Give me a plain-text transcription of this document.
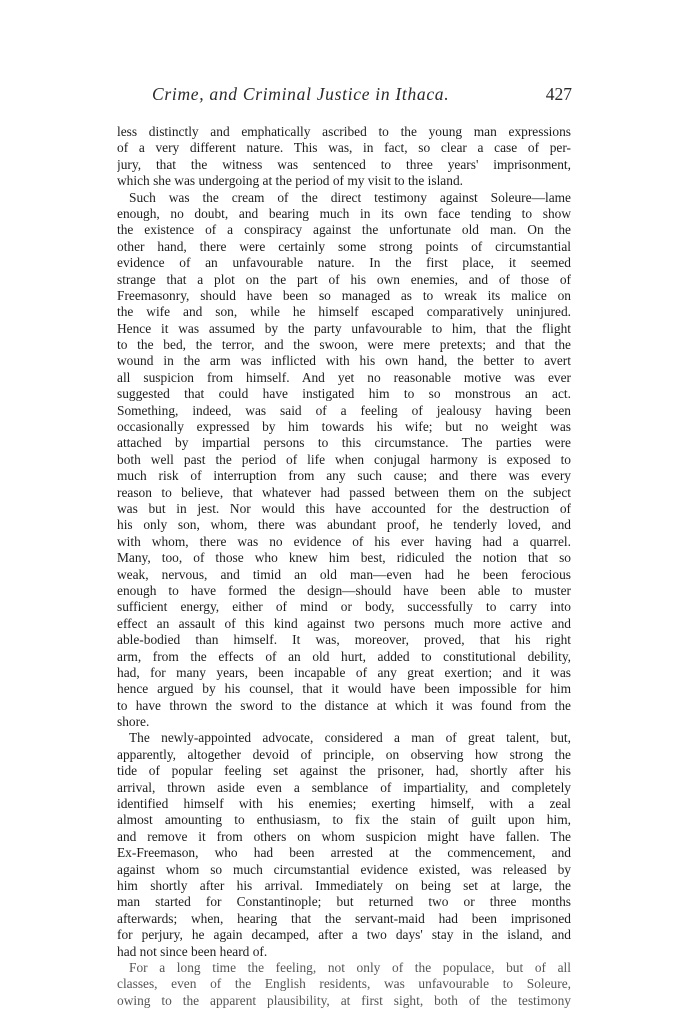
Crime, and Criminal Justice in Ithaca.	427
less distinctly and emphatically ascribed to the young man expressions
of a very different nature. This was, in fact, so clear a case of per-
jury, that the witness was sentenced to three years' imprisonment,
which she was undergoing at the period of my visit to the island.
Such was the cream of the direct testimony against Soleure—lame
enough, no doubt, and bearing much in its own face tending to show
the existence of a conspiracy against the unfortunate old man. On the
other hand, there were certainly some strong points of circumstantial
evidence of an unfavourable nature. In the first place, it seemed
strange that a plot on the part of his own enemies, and of those of
Freemasonry, should have been so managed as to wreak its malice on
the wife and son, while he himself escaped comparatively uninjured.
Hence it was assumed by the party unfavourable to him, that the flight
to the bed, the terror, and the swoon, were mere pretexts; and that the
wound in the arm was inflicted with his own hand, the better to avert
all suspicion from himself. And yet no reasonable motive was ever
suggested that could have instigated him to so monstrous an act.
Something, indeed, was said of a feeling of jealousy having been
occasionally expressed by him towards his wife; but no weight was
attached by impartial persons to this circumstance. The parties were
both well past the period of life when conjugal harmony is exposed to
much risk of interruption from any such cause; and there was every
reason to believe, that whatever had passed between them on the subject
was but in jest. Nor would this have accounted for the destruction of
his only son, whom, there was abundant proof, he tenderly loved, and
with whom, there was no evidence of his ever having had a quarrel.
Many, too, of those who knew him best, ridiculed the notion that so
weak, nervous, and timid an old man—even had he been ferocious
enough to have formed the design—should have been able to muster
sufficient energy, either of mind or body, successfully to carry into
effect an assault of this kind against two persons much more active and
able-bodied than himself. It was, moreover, proved, that his right
arm, from the effects of an old hurt, added to constitutional debility,
had, for many years, been incapable of any great exertion; and it was
hence argued by his counsel, that it would have been impossible for him
to have thrown the sword to the distance at which it was found from the
shore.
The newly-appointed advocate, considered a man of great talent, but,
apparently, altogether devoid of principle, on observing how strong the
tide of popular feeling set against the prisoner, had, shortly after his
arrival, thrown aside even a semblance of impartiality, and completely
identified himself with his enemies; exerting himself, with a zeal
almost amounting to enthusiasm, to fix the stain of guilt upon him,
and remove it from others on whom suspicion might have fallen. The
Ex-Freemason, who had been arrested at the commencement, and
against whom so much circumstantial evidence existed, was released by
him shortly after his arrival. Immediately on being set at large, the
man started for Constantinople; but returned two or three months
afterwards; when, hearing that the servant-maid had been imprisoned
for perjury, he again decamped, after a two days' stay in the island, and
had not since been heard of.
For a long time the feeling, not only of the populace, but of all
classes, even of the English residents, was unfavourable to Soleure,
owing to the apparent plausibility, at first sight, both of the testimony
